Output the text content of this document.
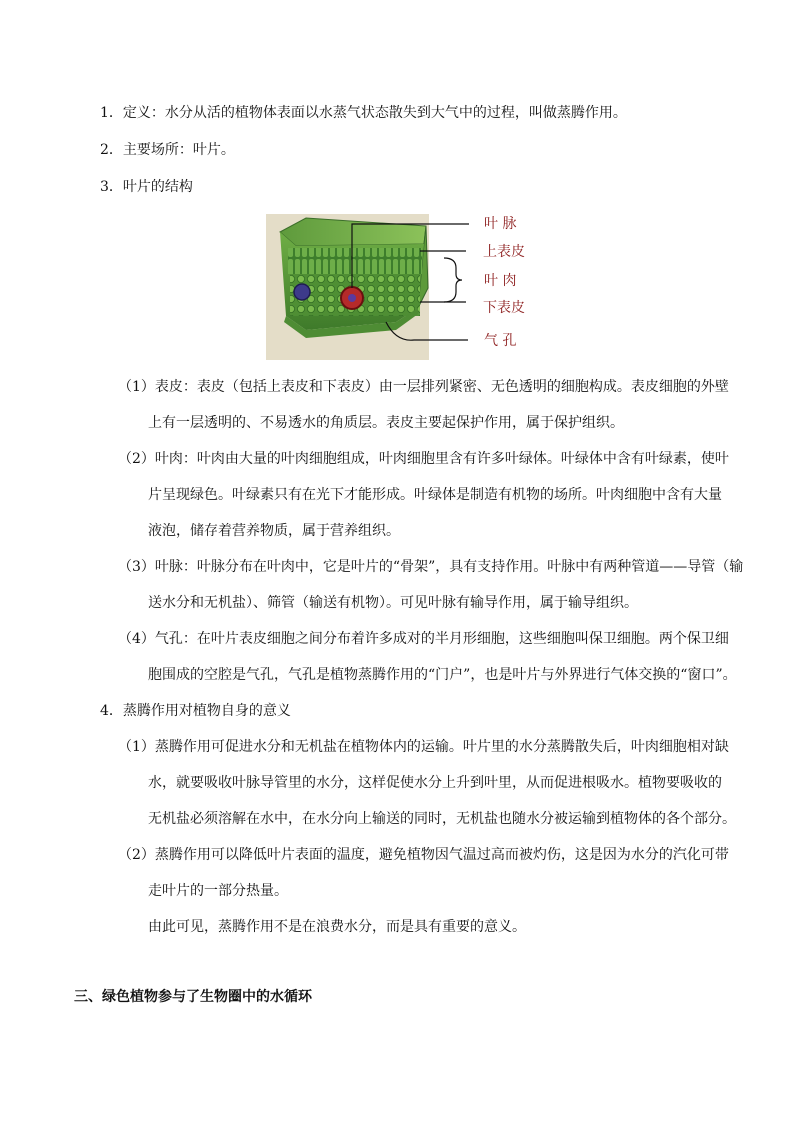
1．定义：水分从活的植物体表面以水蒸气状态散失到大气中的过程，叫做蒸腾作用。
2．主要场所：叶片。
3．叶片的结构
叶 脉
上表皮
叶 肉
下表皮
气 孔
（1）表皮：表皮（包括上表皮和下表皮）由一层排列紧密、无色透明的细胞构成。表皮细胞的外壁
上有一层透明的、不易透水的角质层。表皮主要起保护作用，属于保护组织。
（2）叶肉：叶肉由大量的叶肉细胞组成，叶肉细胞里含有许多叶绿体。叶绿体中含有叶绿素，使叶
片呈现绿色。叶绿素只有在光下才能形成。叶绿体是制造有机物的场所。叶肉细胞中含有大量
液泡，储存着营养物质，属于营养组织。
（3）叶脉：叶脉分布在叶肉中，它是叶片的“骨架”，具有支持作用。叶脉中有两种管道——导管（输
送水分和无机盐）、筛管（输送有机物）。可见叶脉有输导作用，属于输导组织。
（4）气孔：在叶片表皮细胞之间分布着许多成对的半月形细胞，这些细胞叫保卫细胞。两个保卫细
胞围成的空腔是气孔，气孔是植物蒸腾作用的“门户”，也是叶片与外界进行气体交换的“窗口”。
4．蒸腾作用对植物自身的意义
（1）蒸腾作用可促进水分和无机盐在植物体内的运输。叶片里的水分蒸腾散失后，叶肉细胞相对缺
水，就要吸收叶脉导管里的水分，这样促使水分上升到叶里，从而促进根吸水。植物要吸收的
无机盐必须溶解在水中，在水分向上输送的同时，无机盐也随水分被运输到植物体的各个部分。
（2）蒸腾作用可以降低叶片表面的温度，避免植物因气温过高而被灼伤，这是因为水分的汽化可带
走叶片的一部分热量。
由此可见，蒸腾作用不是在浪费水分，而是具有重要的意义。
三、绿色植物参与了生物圈中的水循环
